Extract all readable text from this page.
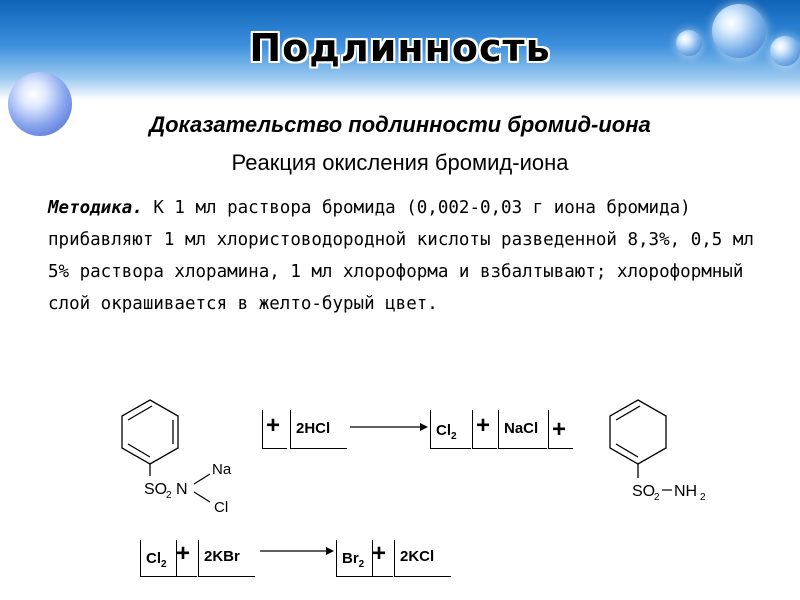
Подлинность
Доказательство подлинности бромид-иона
Реакция окисления бромид-иона
Методика. К 1 мл раствора бромида (0,002-0,03 г иона бромида) прибавляют 1 мл хлористоводородной кислоты разведенной 8,3%, 0,5 мл 5% раствора хлорамина, 1 мл хлороформа и взбалтывают; хлороформный слой окрашивается в желто-бурый цвет.
SO
2 N
Na
Cl
+ 2HCl	$Cl_2$ + NaCl +
SO
2 NH 2
$Cl_2 + 2KBr$	$Br_2 + 2KCl$
